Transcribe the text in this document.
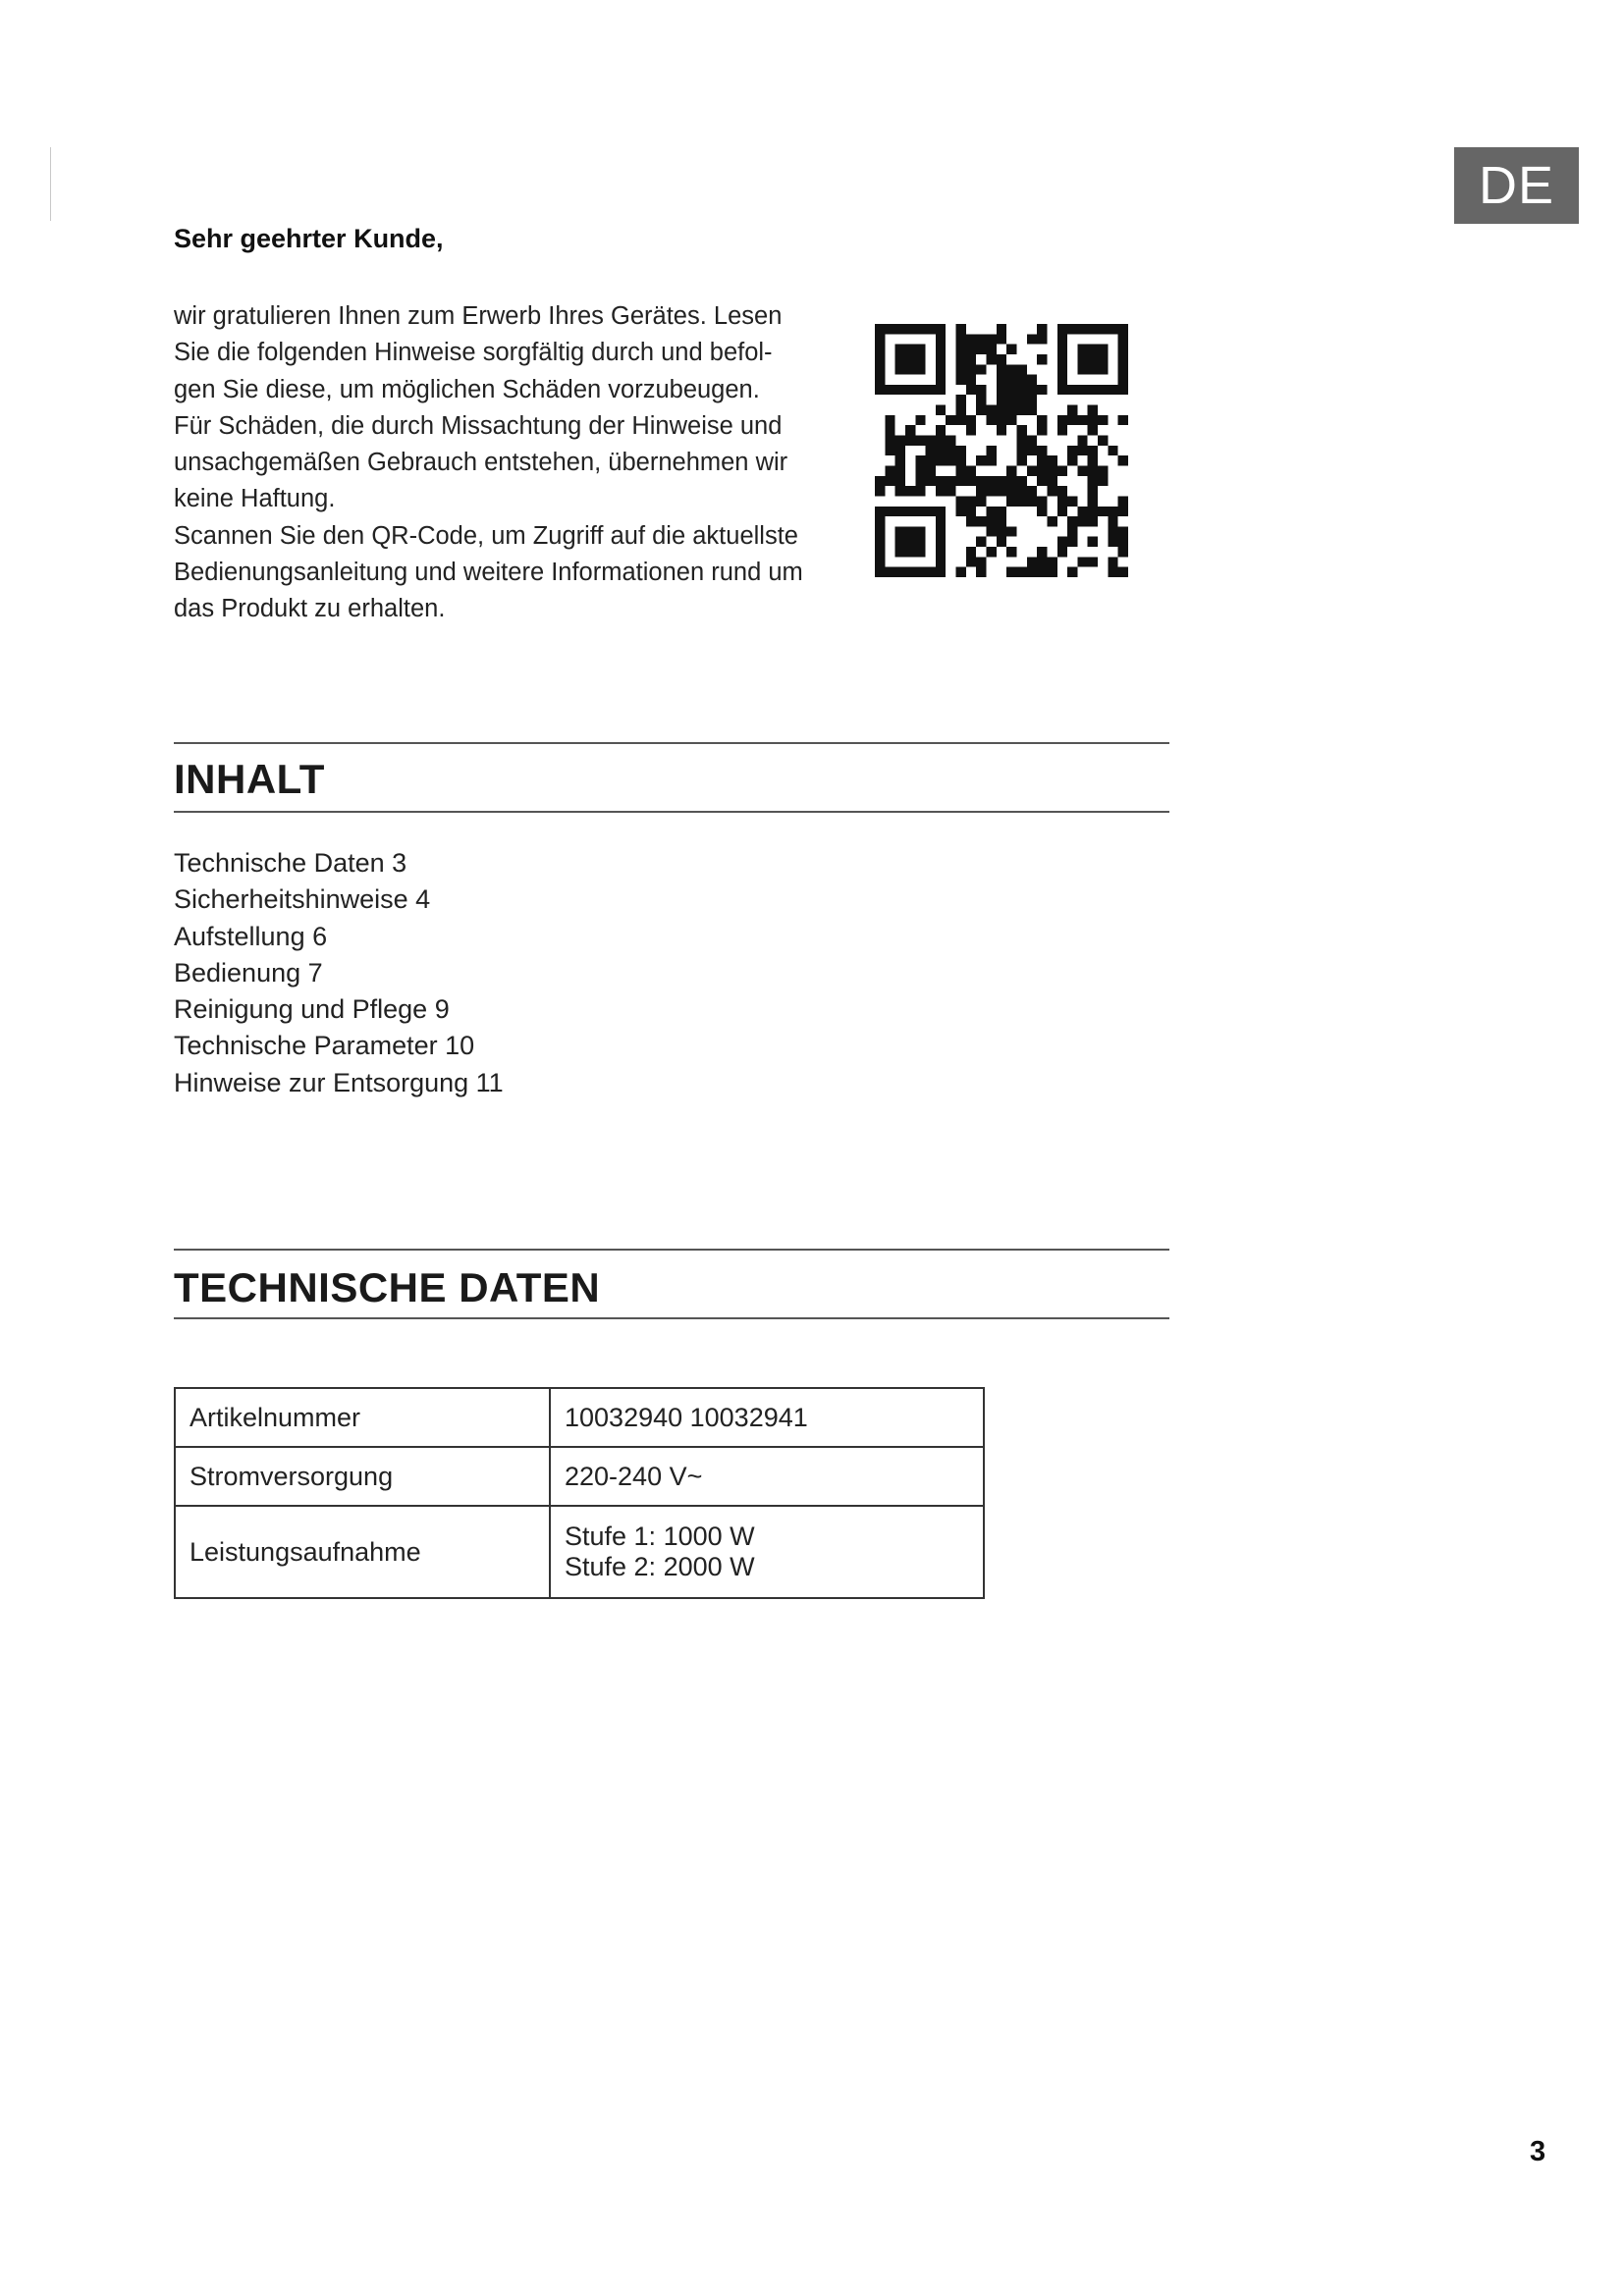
DE
Sehr geehrter Kunde,

wir gratulieren Ihnen zum Erwerb Ihres Gerätes. Lesen

Sie die folgenden Hinweise sorgfältig durch und befol-

gen Sie diese, um möglichen Schäden vorzubeugen.

Für Schäden, die durch Missachtung der Hinweise und

unsachgemäßen Gebrauch entstehen, übernehmen wir

keine Haftung.

Scannen Sie den QR-Code, um Zugriff auf die aktuellste

Bedienungsanleitung und weitere Informationen rund um

das Produkt zu erhalten.

INHALT
Technische Daten 3
Sicherheitshinweise 4
Aufstellung 6
Bedienung 7
Reinigung und Pflege 9
Technische Parameter 10
Hinweise zur Entsorgung 11
TECHNISCHE DATEN
Artikelnummer	10032940 10032941
Stromversorgung	220-240 V~
Leistungsaufnahme	Stufe 1: 1000 W
Stufe 2: 2000 W
3
